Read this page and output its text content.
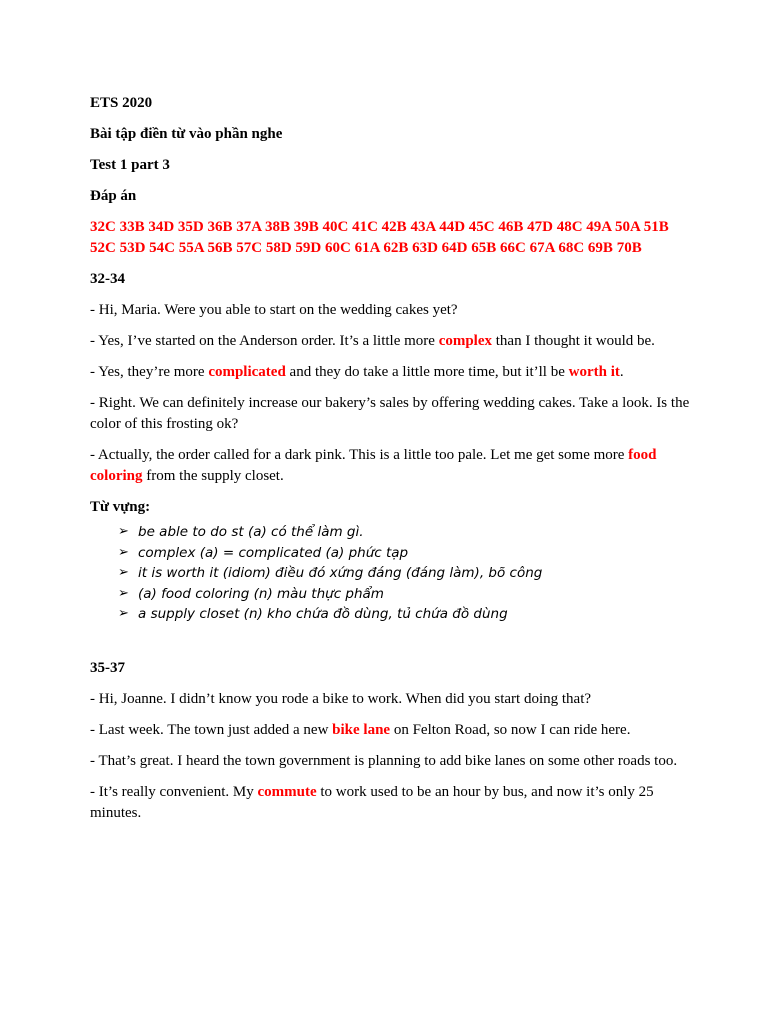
ETS 2020
Bài tập điền từ vào phần nghe
Test 1 part 3
Đáp án
32C 33B 34D 35D 36B 37A 38B 39B 40C 41C 42B 43A 44D 45C 46B 47D 48C 49A 50A 51B 52C 53D 54C 55A 56B 57C 58D 59D 60C 61A 62B 63D 64D 65B 66C 67A 68C 69B 70B
32-34
- Hi, Maria. Were you able to start on the wedding cakes yet?
- Yes, I’ve started on the Anderson order. It’s a little more complex than I thought it would be.
- Yes, they’re more complicated and they do take a little more time, but it’ll be worth it.
- Right. We can definitely increase our bakery’s sales by offering wedding cakes. Take a look. Is the color of this frosting ok?
- Actually, the order called for a dark pink. This is a little too pale. Let me get some more food coloring from the supply closet.
Từ vựng:
➢ be able to do st (a) có thể làm gì.
➢ complex (a) = complicated (a) phức tạp
➢ it is worth it (idiom) điều đó xứng đáng (đáng làm), bõ công
➢ (a) food coloring (n) màu thực phẩm
➢ a supply closet (n) kho chứa đồ dùng, tủ chứa đồ dùng
35-37
- Hi, Joanne. I didn’t know you rode a bike to work. When did you start doing that?
- Last week. The town just added a new bike lane on Felton Road, so now I can ride here.
- That’s great. I heard the town government is planning to add bike lanes on some other roads too.
- It’s really convenient. My commute to work used to be an hour by bus, and now it’s only 25 minutes.
